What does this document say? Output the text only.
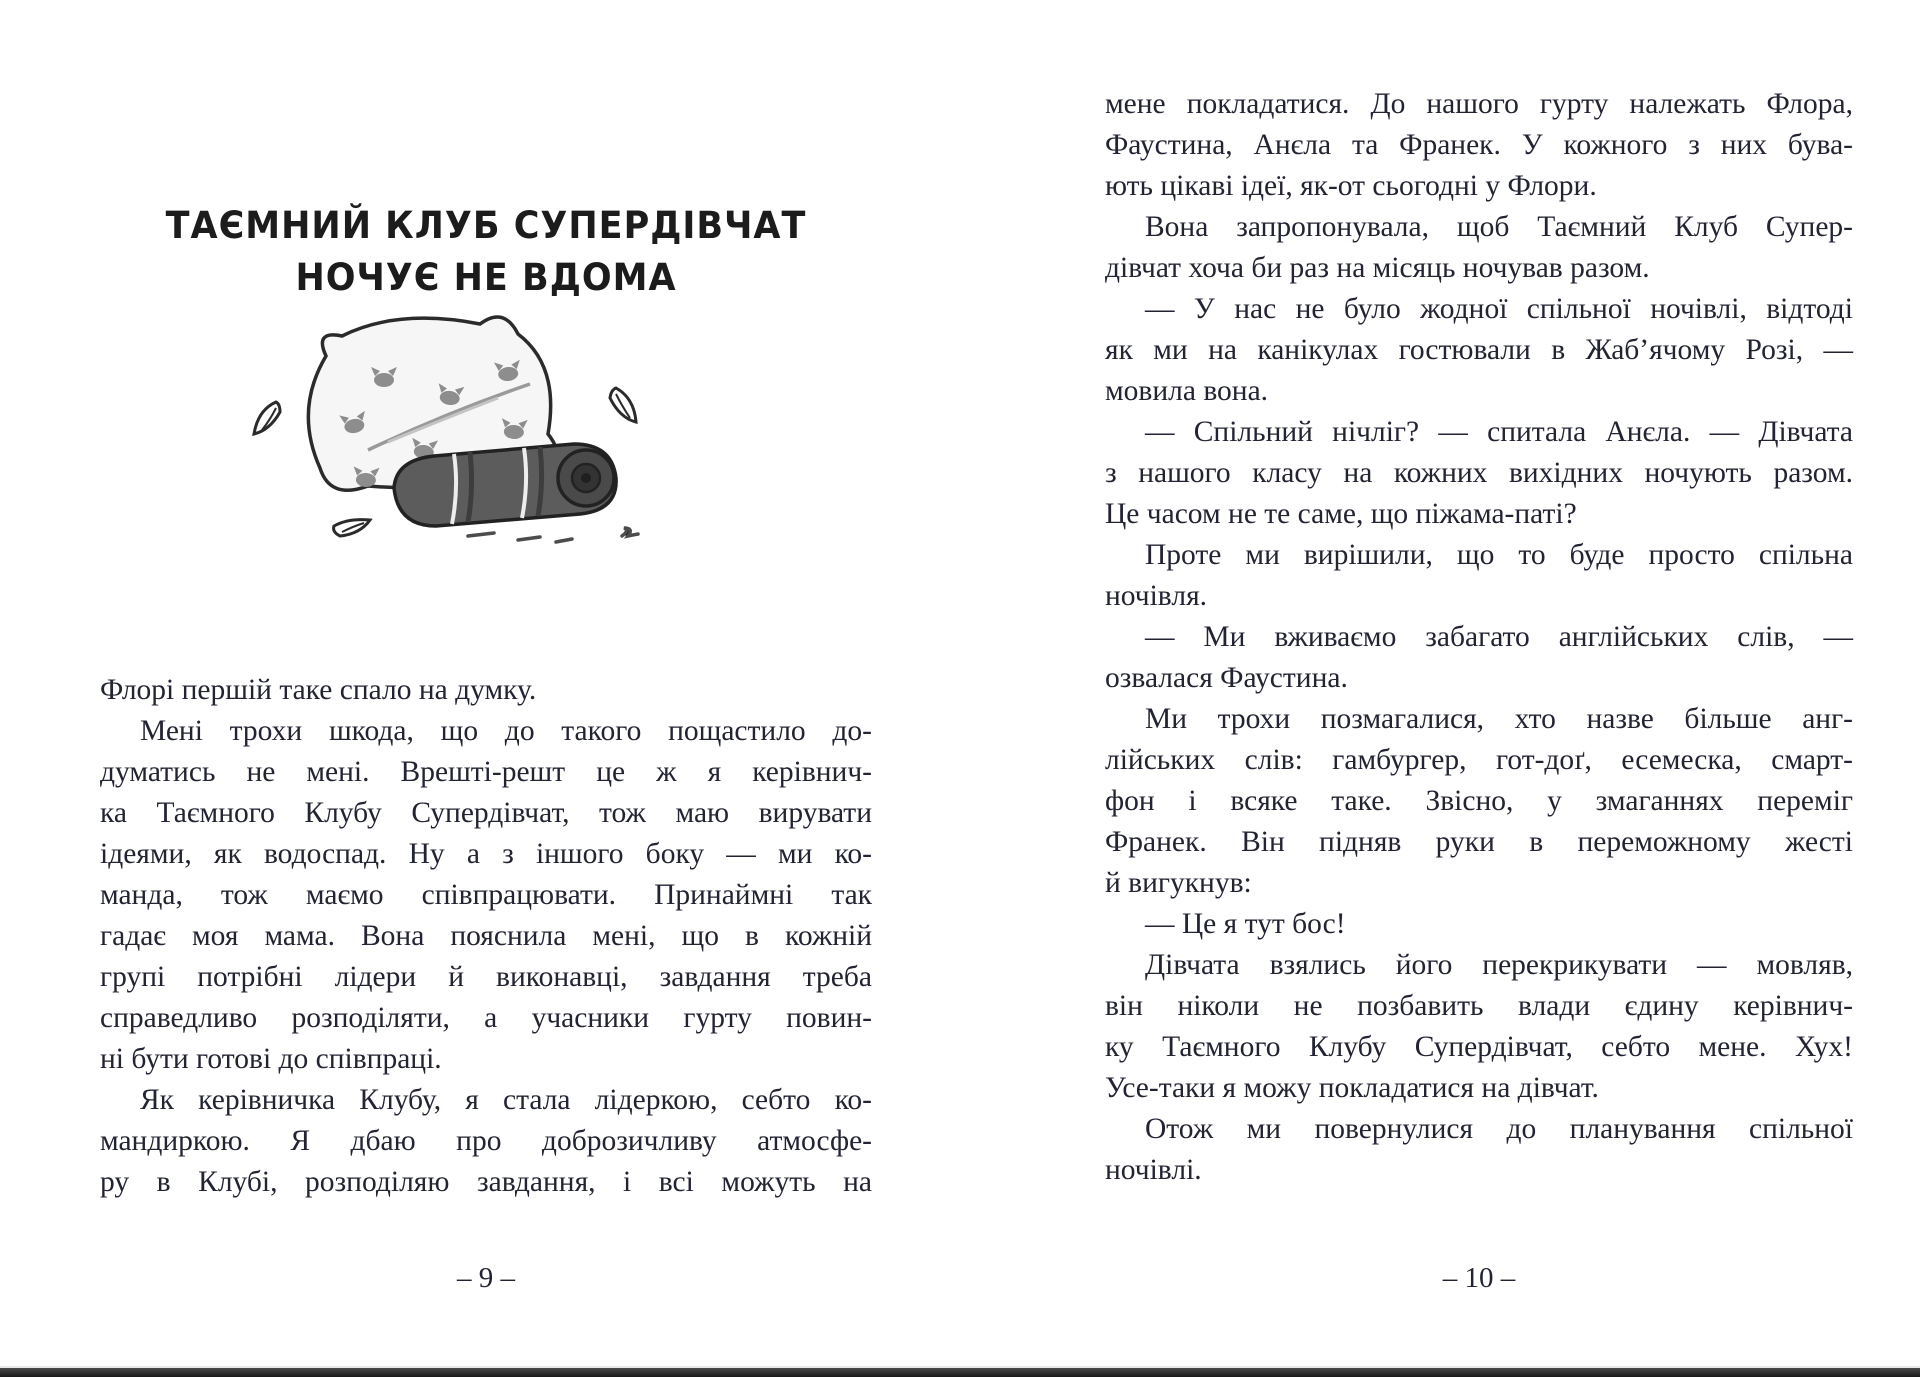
ТАЄМНИЙ КЛУБ СУПЕРДІВЧАТ
НОЧУЄ НЕ ВДОМА
Флорі першій таке спало на думку.
Мені трохи шкода, що до такого пощастило до-
думатись не мені. Врешті-решт це ж я керівнич-
ка Таємного Клубу Супердівчат, тож маю вирувати
ідеями, як водоспад. Ну а з іншого боку — ми ко-
манда, тож маємо співпрацювати. Принаймні так
гадає моя мама. Вона пояснила мені, що в кожній
групі потрібні лідери й виконавці, завдання треба
справедливо розподіляти, а учасники гурту повин-
ні бути готові до співпраці.
Як керівничка Клубу, я стала лідеркою, себто ко-
мандиркою. Я дбаю про доброзичливу атмосфе-
ру в Клубі, розподіляю завдання, і всі можуть на
– 9 –
мене покладатися. До нашого гурту належать Флора,
Фаустина, Анєла та Франек. У кожного з них бува-
ють цікаві ідеї, як-от сьогодні у Флори.
Вона запропонувала, щоб Таємний Клуб Супер-
дівчат хоча би раз на місяць ночував разом.
— У нас не було жодної спільної ночівлі, відтоді
як ми на канікулах гостювали в Жаб’ячому Розі, —
мовила вона.
— Спільний нічліг? — спитала Анєла. — Дівчата
з нашого класу на кожних вихідних ночують разом.
Це часом не те саме, що піжама-паті?
Проте ми вирішили, що то буде просто спільна
ночівля.
— Ми вживаємо забагато англійських слів, —
озвалася Фаустина.
Ми трохи позмагалися, хто назве більше анг-
лійських слів: гамбургер, гот-доґ, есемеска, смарт-
фон і всяке таке. Звісно, у змаганнях переміг
Франек. Він підняв руки в переможному жесті
й вигукнув:
— Це я тут бос!
Дівчата взялись його перекрикувати — мовляв,
він ніколи не позбавить влади єдину керівнич-
ку Таємного Клубу Супердівчат, себто мене. Хух!
Усе-таки я можу покладатися на дівчат.
Отож ми повернулися до планування спільної
ночівлі.
– 10 –
